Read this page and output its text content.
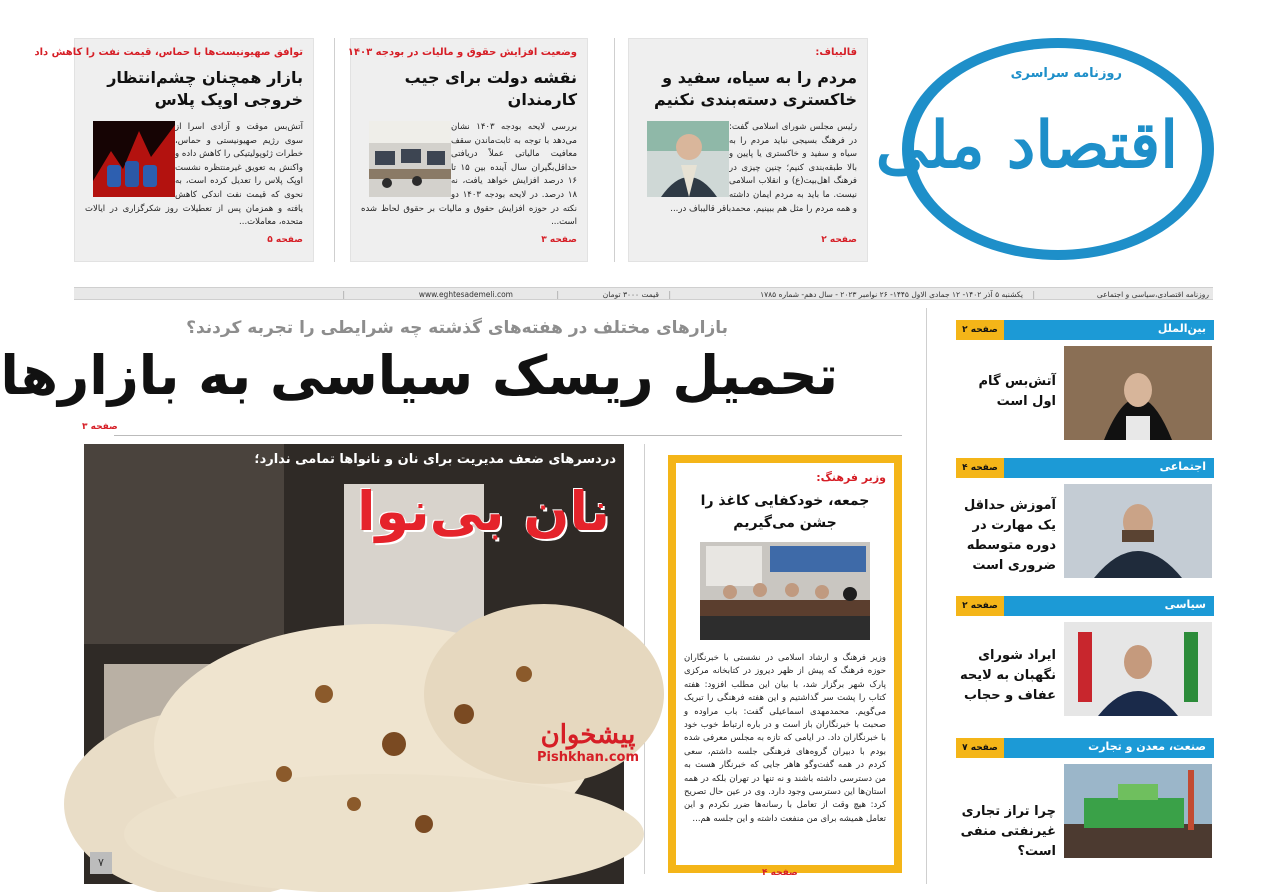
روزنامه سراسری
اقتصاد ملی
قالیباف:
مردم را به سیاه، سفید و خاکستری دسته‌بندی نکنیم
رئیس مجلس شورای اسلامی گفت: در فرهنگ بسیجی نباید مردم را به سیاه و سفید و خاکستری یا پایین و بالا طبقه‌بندی کنیم؛ چنین چیزی در فرهنگ اهل‌بیت(ع) و انقلاب اسلامی نیست. ما باید به مردم ایمان داشته و همه مردم را مثل هم ببینیم. محمدباقر قالیباف در...
صفحه ۲
وضعیت افزایش حقوق و مالیات در بودجه ۱۴۰۳
نقشه دولت برای جیب کارمندان
بررسی لایحه بودجه ۱۴۰۳ نشان می‌دهد با توجه به ثابت‌ماندن سقف معافیت مالیاتی عملاً دریافتی حداقل‌بگیران سال آینده بین ۱۵ تا ۱۶ درصد افزایش خواهد یافت، نه ۱۸ درصد. در لایحه بودجه ۱۴۰۳ دو نکته در حوزه افزایش حقوق و مالیات بر حقوق لحاظ شده است...
صفحه ۳
توافق صهیونیست‌ها با حماس، قیمت نفت را کاهش داد
بازار همچنان چشم‌انتظار خروجی اوپک پلاس
آتش‌بس موقت و آزادی اسرا از سوی رژیم صهیونیستی و حماس، خطرات ژئوپولیتیکی را کاهش داده و واکنش به تعویق غیرمنتظره نشست اوپک پلاس را تعدیل کرده است، به نحوی که قیمت نفت اندکی کاهش یافته و همزمان پس از تعطیلات روز شکرگزاری در ایالات متحده، معاملات...
صفحه ۵
روزنامه اقتصادی،سیاسی و اجتماعی
|
یکشنبه ۵ آذر ۱۴۰۲- ۱۲ جمادی الاول ۱۴۴۵- ۲۶ نوامبر ۲۰۲۳ - سال دهم- شماره ۱۷۸۵
|
قیمت ۳۰۰۰ تومان
|
www.eghtesademeli.com
|
بازارهای مختلف در هفته‌های گذشته چه شرایطی را تجربه کردند؟
تحمیل ریسک سیاسی به بازارها
صفحه ۳
دردسرهای ضعف مدیریت برای نان و نانواها تمامی ندارد؛
نان بی‌نوا
۷
پیشخوان
Pishkhan.com
وزیر فرهنگ:
جمعه، خودکفایی کاغذ را جشن می‌گیریم
وزیر فرهنگ و ارشاد اسلامی در نشستی با خبرنگاران حوزه فرهنگ که پیش از ظهر دیروز در کتابخانه مرکزی پارک شهر برگزار شد، با بیان این مطلب افزود: هفته کتاب را پشت سر گذاشتیم و این هفته فرهنگی را تبریک می‌گویم. محمدمهدی اسماعیلی گفت: باب مراوده و صحبت با خبرنگاران باز است و در باره ارتباط خوب خود با خبرنگاران داد. در ایامی که تازه به مجلس معرفی شده بودم با دبیران گروه‌های فرهنگی جلسه داشتم، سعی کردم در همه گفت‌وگو هاهر جایی که خبرنگار هست به من دسترسی داشته باشند و نه تنها در تهران بلکه در همه استان‌ها این دسترسی وجود دارد. وی در عین حال تصریح کرد: هیچ وقت از تعامل با رسانه‌ها ضرر نکردم و این تعامل همیشه برای من منفعت داشته و این جلسه هم...
صفحه ۴
بین‌الملل
صفحه ۲
آتش‌بس گام اول است
اجتماعی
صفحه ۴
آموزش حداقل یک مهارت در دوره متوسطه ضروری است
سیاسی
صفحه ۲
ایراد شورای نگهبان به لایحه عفاف و حجاب
صنعت، معدن و تجارت
صفحه ۷
چرا تراز تجاری غیرنفتی منفی است؟
